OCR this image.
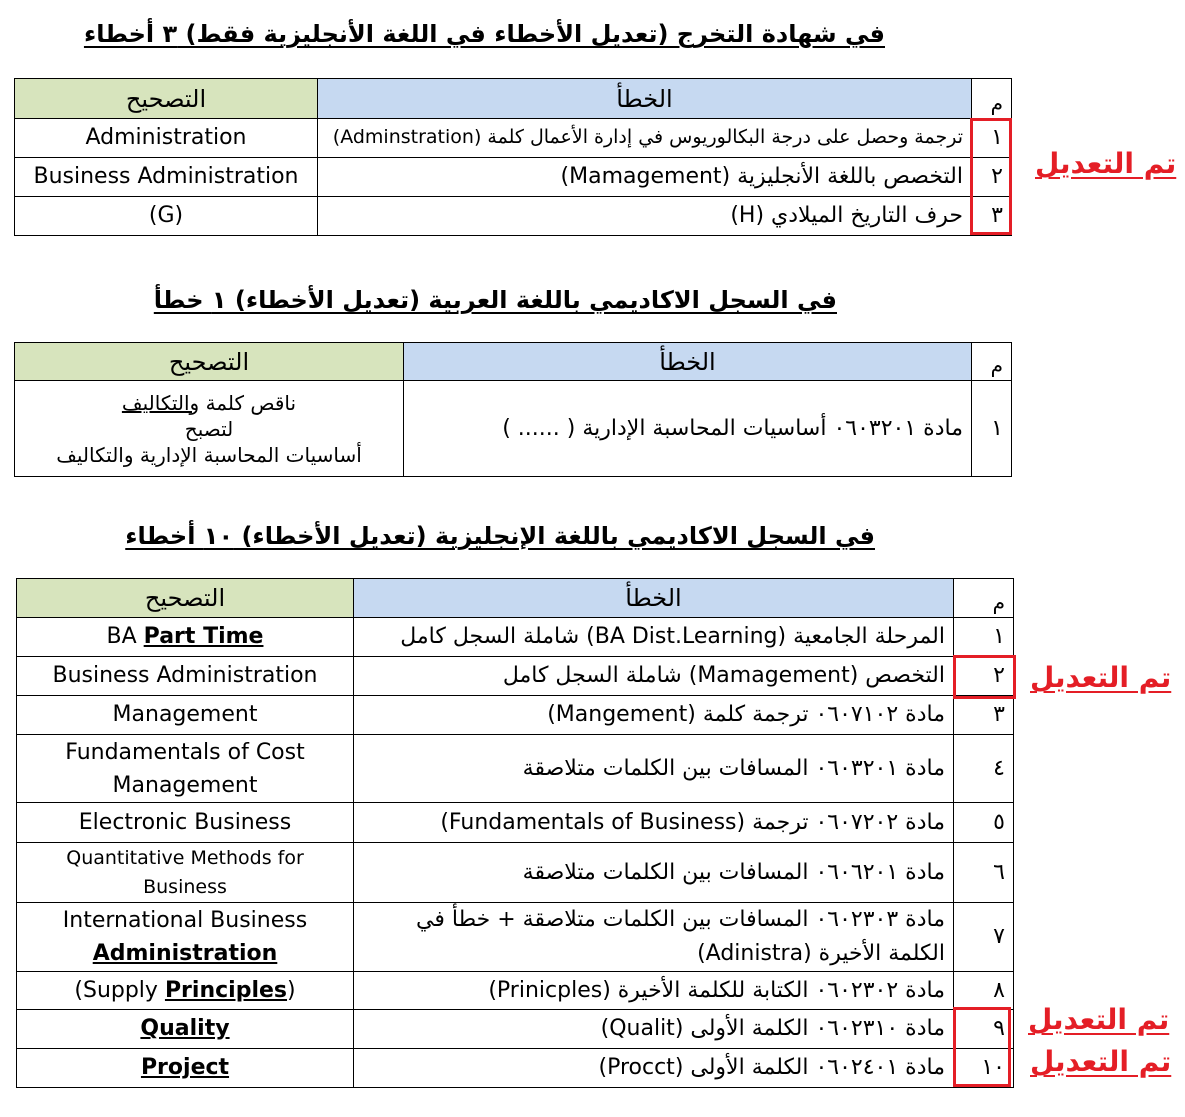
في شهادة التخرج (تعديل الأخطاء في اللغة الأنجليزية فقط) ٣ أخطاء
م	الخطأ	التصحيح
١	ترجمة وحصل على درجة البكالوريوس في إدارة الأعمال كلمة (Adminstration)	Administration
٢	التخصص باللغة الأنجليزية (Mamagement)	Business Administration
٣	حرف التاريخ الميلادي (H)	(G)
تم التعديل
في السجل الاكاديمي باللغة العربية (تعديل الأخطاء) ١ خطأ
م	الخطأ	التصحيح
١	مادة ٠٦٠٣٢٠١ أساسيات المحاسبة الإدارية ( ...... )	ناقص كلمة والتكاليف
لتصبح
أساسيات المحاسبة الإدارية والتكاليف
في السجل الاكاديمي باللغة الإنجليزية (تعديل الأخطاء) ١٠ أخطاء
م	الخطأ	التصحيح
١	المرحلة الجامعية (BA Dist.Learning) شاملة السجل كامل	BA Part Time
٢	التخصص (Mamagement) شاملة السجل كامل	Business Administration
٣	مادة ٠٦٠٧١٠٢ ترجمة كلمة (Mangement)	Management
٤	مادة ٠٦٠٣٢٠١ المسافات بين الكلمات متلاصقة	Fundamentals of Cost Management
٥	مادة ٠٦٠٧٢٠٢ ترجمة (Fundamentals of Business)	Electronic Business
٦	مادة ٠٦٠٦٢٠١ المسافات بين الكلمات متلاصقة	Quantitative Methods for Business
٧	مادة ٠٦٠٢٣٠٣ المسافات بين الكلمات متلاصقة + خطأ في الكلمة الأخيرة (Adinistra)	International Business Administration
٨	مادة ٠٦٠٢٣٠٢ الكتابة للكلمة الأخيرة (Prinicples)	(Supply Principles)
٩	مادة ٠٦٠٢٣١٠ الكلمة الأولى (Qualit)	Quality
١٠	مادة ٠٦٠٢٤٠١ الكلمة الأولى (Procct)	Project
تم التعديل
تم التعديل
تم التعديل
